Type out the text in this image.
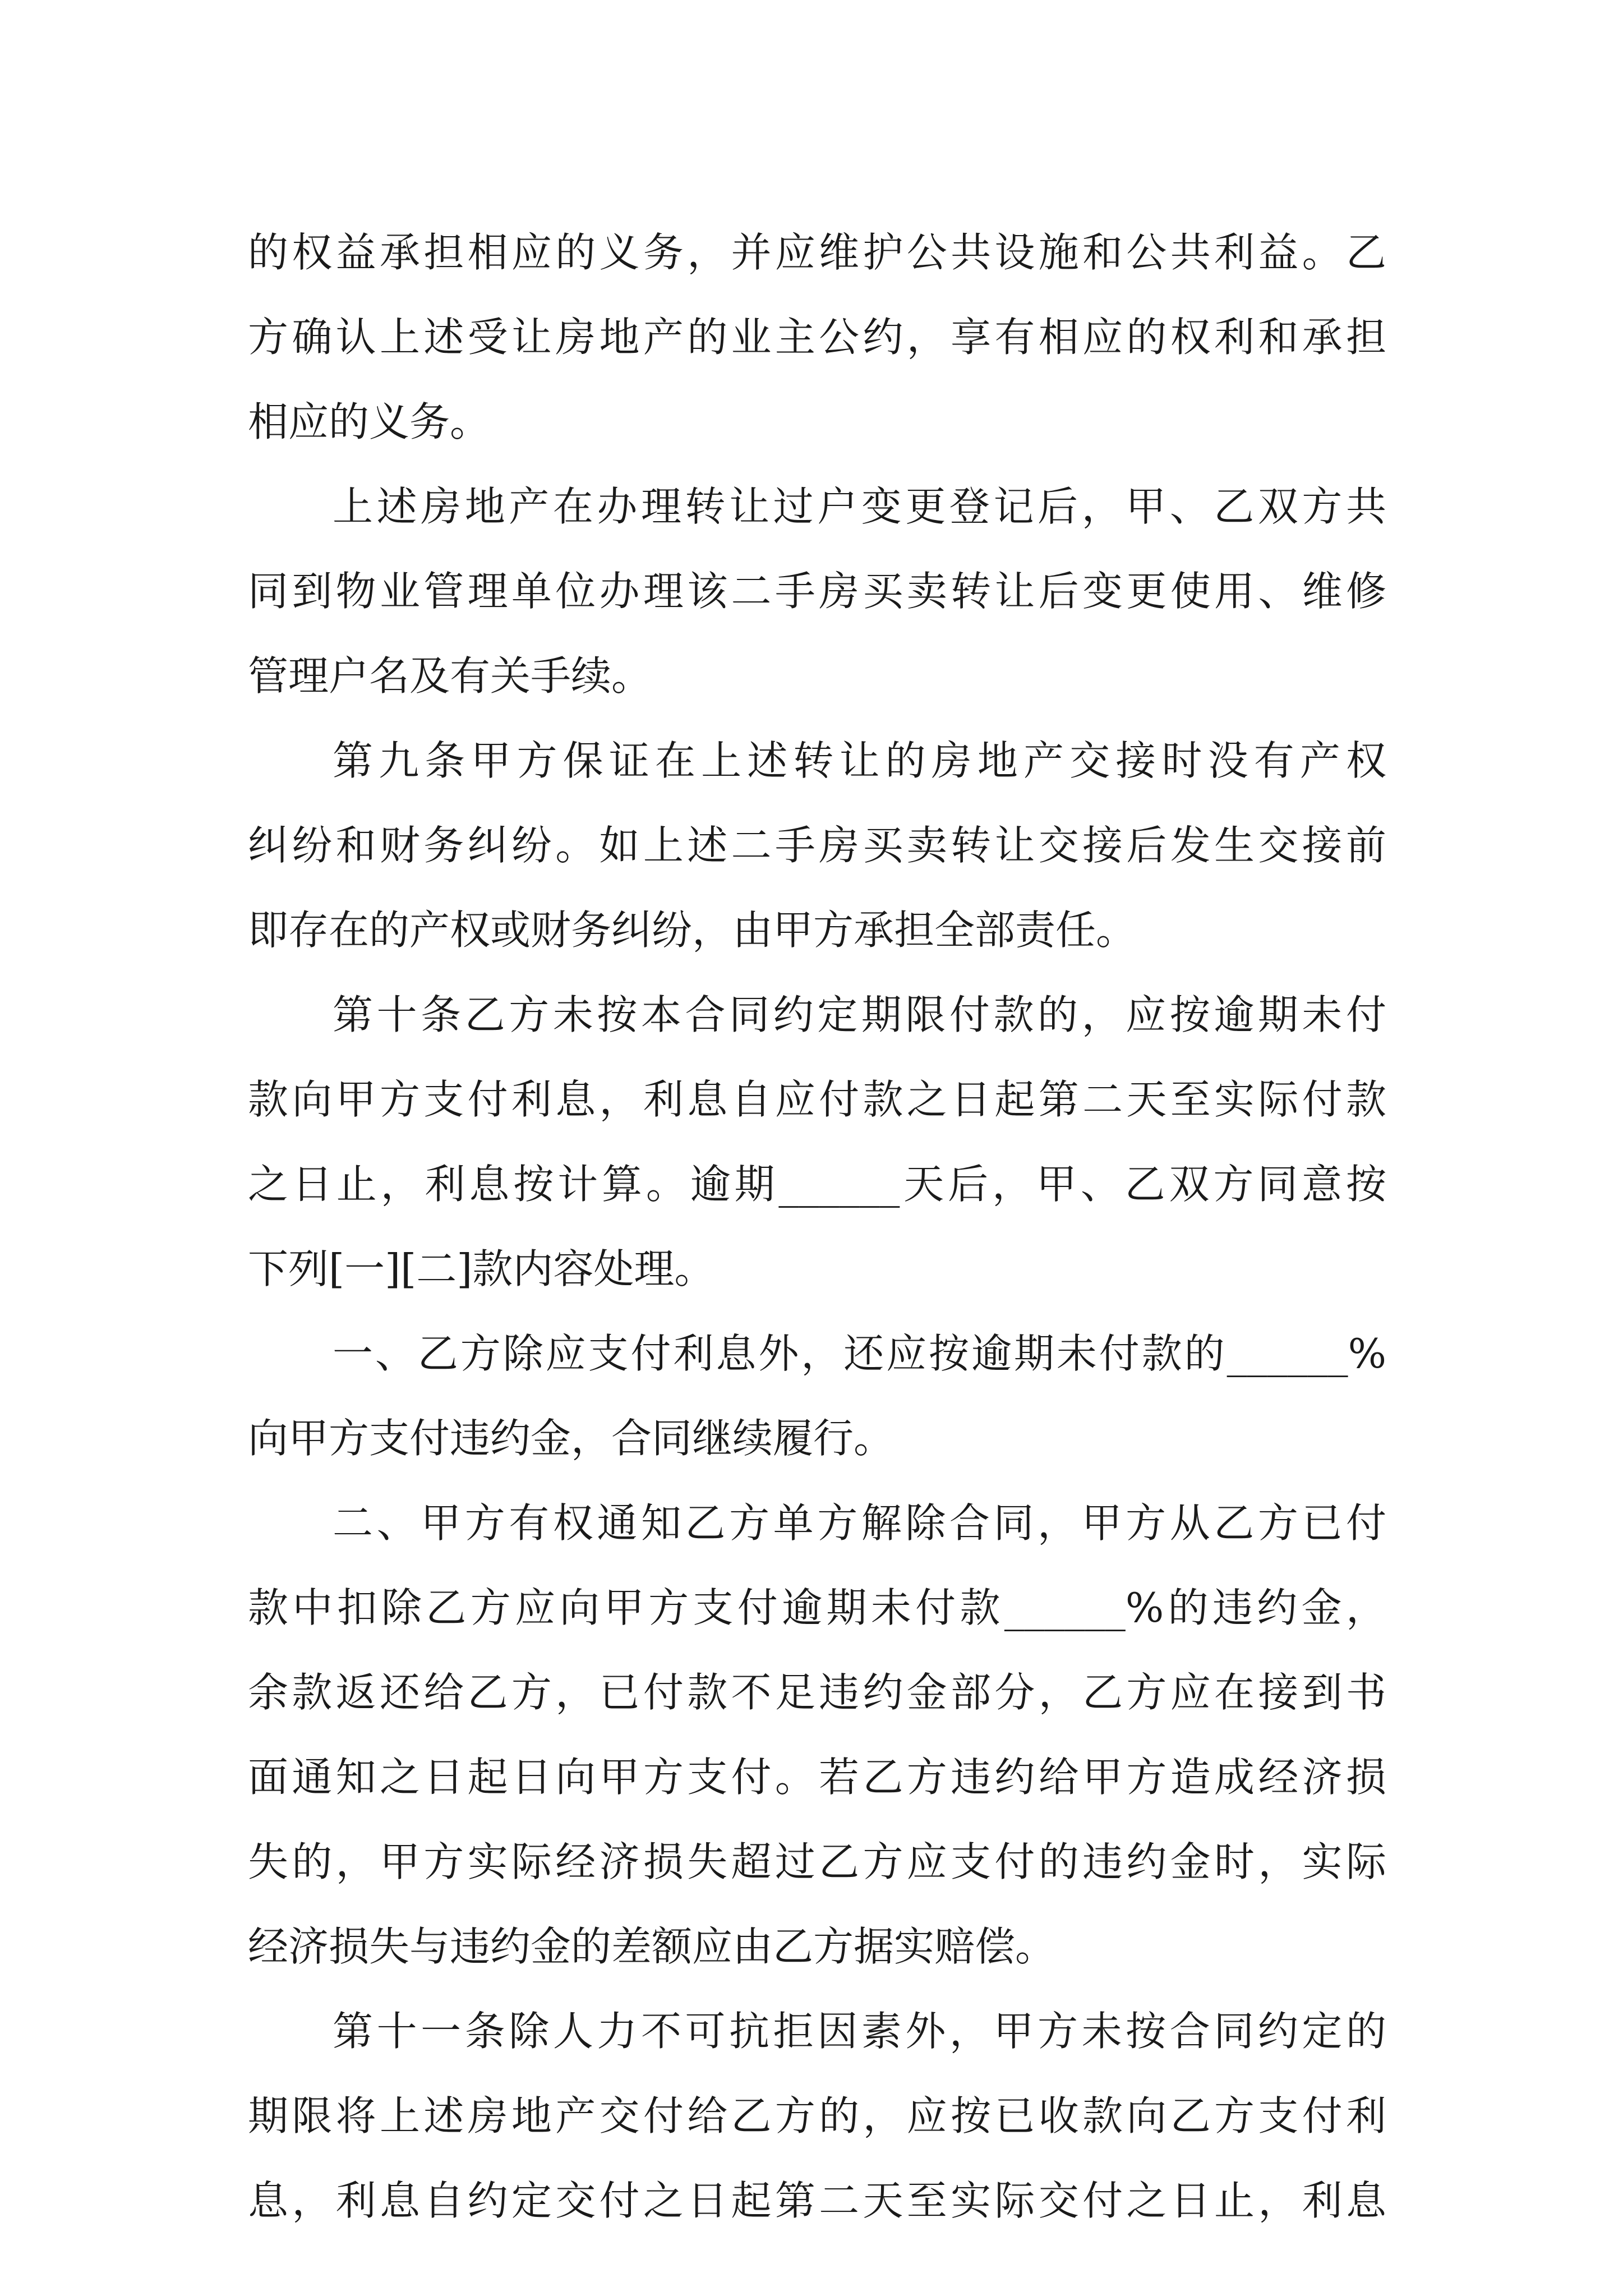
的权益承担相应的义务，并应维护公共设施和公共利益。乙
方确认上述受让房地产的业主公约，享有相应的权利和承担
相应的义务。
上述房地产在办理转让过户变更登记后，甲、乙双方共
同到物业管理单位办理该二手房买卖转让后变更使用、维修
管理户名及有关手续。
第九条甲方保证在上述转让的房地产交接时没有产权
纠纷和财务纠纷。如上述二手房买卖转让交接后发生交接前
即存在的产权或财务纠纷，由甲方承担全部责任。
第十条乙方未按本合同约定期限付款的，应按逾期未付
款向甲方支付利息，利息自应付款之日起第二天至实际付款
之日止，利息按计算。逾期______天后，甲、乙双方同意按
下列[一][二]款内容处理。
一、乙方除应支付利息外，还应按逾期未付款的______%
向甲方支付违约金，合同继续履行。
二、甲方有权通知乙方单方解除合同，甲方从乙方已付
款中扣除乙方应向甲方支付逾期未付款______%的违约金，
余款返还给乙方，已付款不足违约金部分，乙方应在接到书
面通知之日起日向甲方支付。若乙方违约给甲方造成经济损
失的，甲方实际经济损失超过乙方应支付的违约金时，实际
经济损失与违约金的差额应由乙方据实赔偿。
第十一条除人力不可抗拒因素外，甲方未按合同约定的
期限将上述房地产交付给乙方的，应按已收款向乙方支付利
息，利息自约定交付之日起第二天至实际交付之日止，利息
